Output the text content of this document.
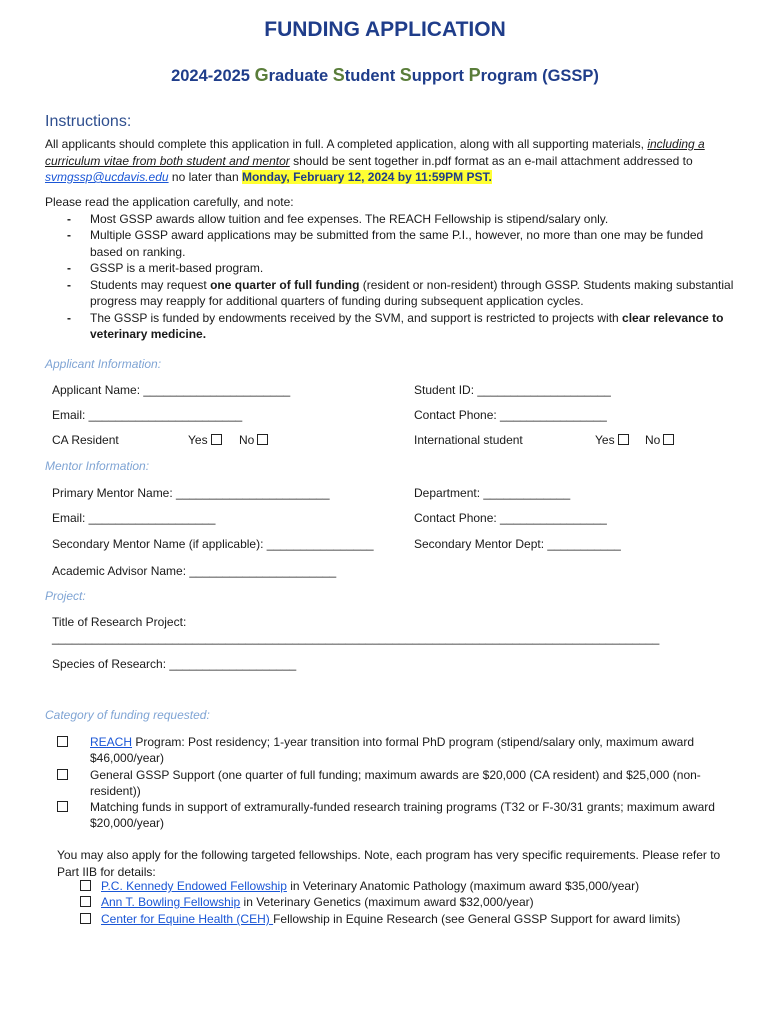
FUNDING APPLICATION
2024-2025 Graduate Student Support Program (GSSP)
Instructions:
All applicants should complete this application in full. A completed application, along with all supporting materials, including a curriculum vitae from both student and mentor should be sent together in.pdf format as an e-mail attachment addressed to svmgssp@ucdavis.edu no later than Monday, February 12, 2024 by 11:59PM PST.
Please read the application carefully, and note:
- Most GSSP awards allow tuition and fee expenses. The REACH Fellowship is stipend/salary only.
- Multiple GSSP award applications may be submitted from the same P.I., however, no more than one may be funded based on ranking.
- GSSP is a merit-based program.
- Students may request one quarter of full funding (resident or non-resident) through GSSP. Students making substantial progress may reapply for additional quarters of funding during subsequent application cycles.
- The GSSP is funded by endowments received by the SVM, and support is restricted to projects with clear relevance to veterinary medicine.
Applicant Information:
Applicant Name: ______________________	Student ID: ____________________
Email: _______________________	Contact Phone: ________________
CA Resident	Yes	No	International student	Yes	No
Mentor Information:
Primary Mentor Name: _______________________	Department: _____________
Email: ___________________	Contact Phone: ________________
Secondary Mentor Name (if applicable): ________________	Secondary Mentor Dept: ___________
Academic Advisor Name: ______________________
Project:
Title of Research Project:
___________________________________________________________________________________________
Species of Research: ___________________
Category of funding requested:
REACH Program: Post residency; 1-year transition into formal PhD program (stipend/salary only, maximum award $46,000/year)
General GSSP Support (one quarter of full funding; maximum awards are $20,000 (CA resident) and $25,000 (non-resident))
Matching funds in support of extramurally-funded research training programs (T32 or F-30/31 grants; maximum award $20,000/year)
You may also apply for the following targeted fellowships. Note, each program has very specific requirements. Please refer to Part IIB for details:
P.C. Kennedy Endowed Fellowship in Veterinary Anatomic Pathology (maximum award $35,000/year)
Ann T. Bowling Fellowship in Veterinary Genetics (maximum award $32,000/year)
Center for Equine Health (CEH) Fellowship in Equine Research (see General GSSP Support for award limits)
